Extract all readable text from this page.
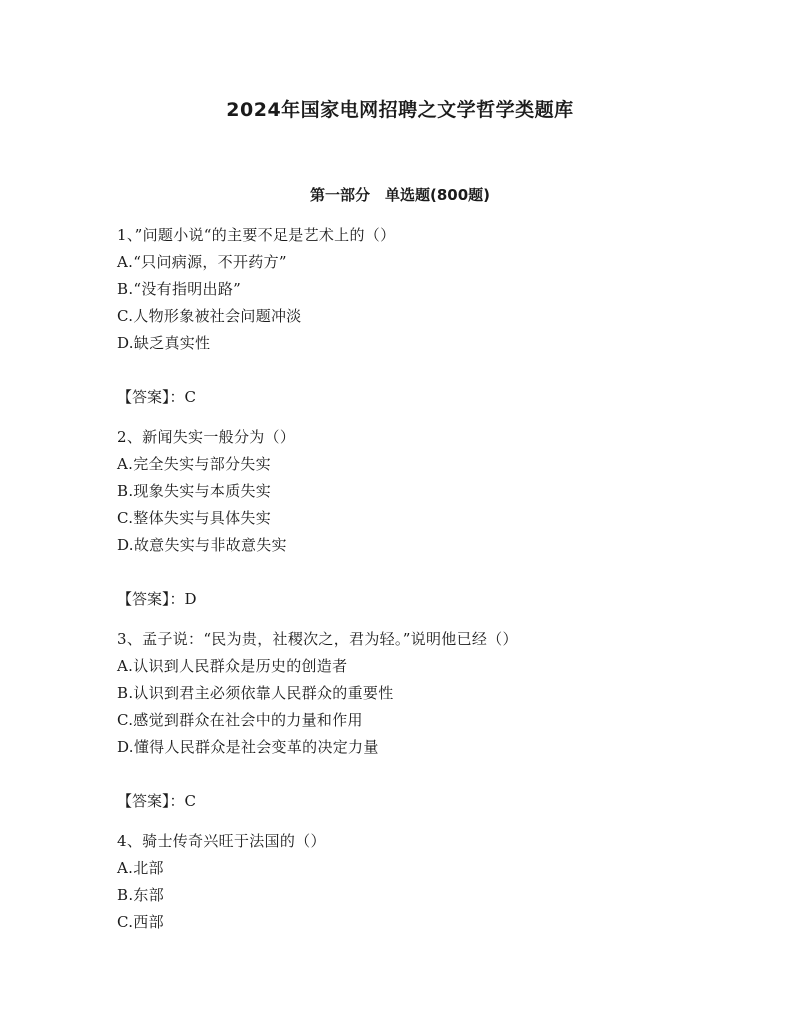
2024年国家电网招聘之文学哲学类题库
第一部分　单选题(800题)
1、”问题小说“的主要不足是艺术上的（）
A.“只问病源，不开药方”
B.“没有指明出路”
C.人物形象被社会问题冲淡
D.缺乏真实性
【答案】：C
2、新闻失实一般分为（）
A.完全失实与部分失实
B.现象失实与本质失实
C.整体失实与具体失实
D.故意失实与非故意失实
【答案】：D
3、孟子说：“民为贵，社稷次之，君为轻。”说明他已经（）
A.认识到人民群众是历史的创造者
B.认识到君主必须依靠人民群众的重要性
C.感觉到群众在社会中的力量和作用
D.懂得人民群众是社会变革的决定力量
【答案】：C
4、骑士传奇兴旺于法国的（）
A.北部
B.东部
C.西部
